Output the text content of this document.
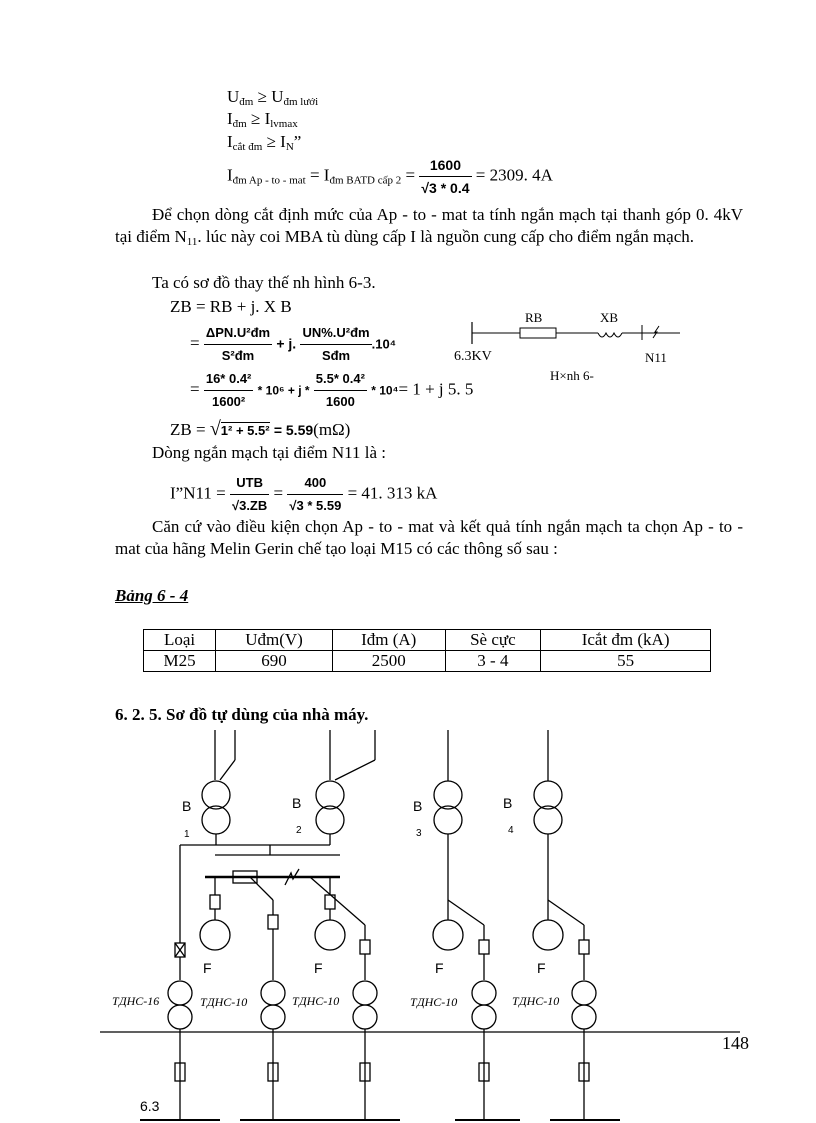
$U_{đm} \ge U_{đm lưới}$
$I_{đm} \ge I_{lvmax}$
$I_{cắt đm} \ge I_N$”
$I_{đm Ap - to - mat} = I_{đm BATD cấp 2} = \frac{1600}{√3 * 0.4} = 2309$. 4A
Để chọn dòng cắt định mức của Ap - to - mat ta tính ngắn mạch tại thanh góp 0. 4kV tại điểm $N_{11}$. lúc này coi MBA tù dùng cấp I là nguồn cung cấp cho điểm ngắn mạch.
Ta có sơ đồ thay thế nh hình 6-3.
ZB = RB + j. X B
= $\frac{\text{ΔPN.U²đm}}{\text{S²đm}} + j$. $\frac{\text{UN\%.U²đm}}{\text{Sđm}} .10^4$
= $\frac{\text{16* 0.4²}}{\text{1600²}} * 10^6 + j * \frac{\text{5.5* 0.4²}}{1600} * 10^4= 1 + j$ 5. 5
ZB = √1² + 5.5² = 5.59(mΩ)
RB	XB
6.3KV	N11
H×nh 6-
Dòng ngắn mạch tại điểm N11 là :
I”N11 = $\frac{\text{UTB}}{√3.ZB} = \frac{400}{√3 * 5.59} = 41$. 313 kA
Căn cứ vào điều kiện chọn Ap - to - mat và kết quả tính ngắn mạch ta chọn Ap - to - mat của hãng Melin Gerin chế tạo loại M15 có các thông số sau :
Bảng 6 - 4
Loại	Uđm(V)	Iđm (A)	Sè cực	Icắt đm (kA)
M25	690	2500	3 - 4	55
6. 2. 5. Sơ đồ tự dùng của nhà máy.
B	B	B	B
1	2	3	4
F	F	F	F
ТДНС-16	ТДНС-10	ТДНС-10	ТДНС-10	ТДНС-10
6.3
148
